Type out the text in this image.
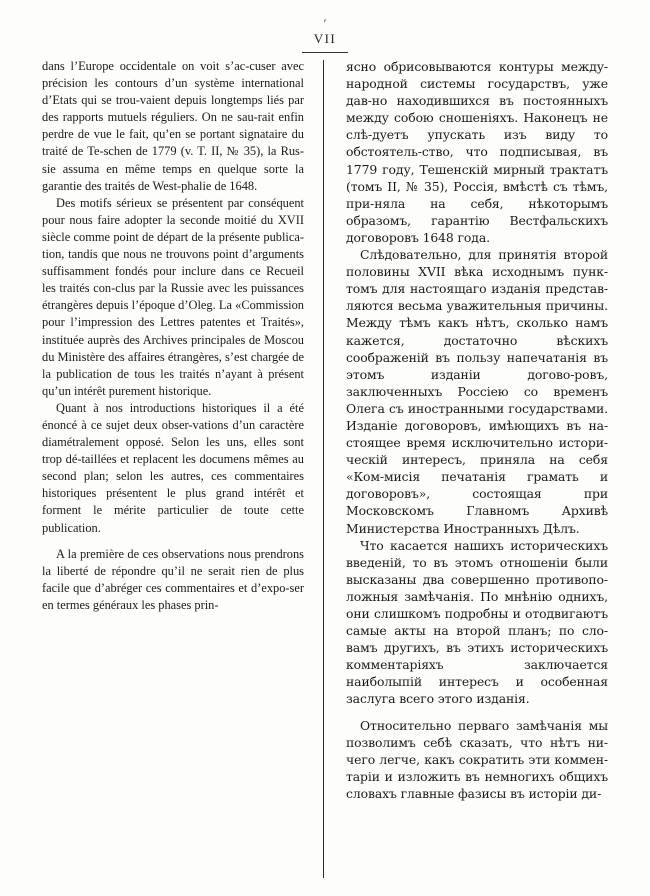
′
VII

dans l’Europe occidentale on voit s’ac-cuser avec précision les contours d’un système international d’Etats qui se trou-vaient depuis longtemps liés par des rapports mutuels réguliers. On ne sau-rait enfin perdre de vue le fait, qu’en se portant signataire du traité de Te-schen de 1779 (v. T. II, № 35), la Rus-sie assuma en même temps en quelque sorte la garantie des traités de West-phalie de 1648.

Des motifs sérieux se présentent par conséquent pour nous faire adopter la seconde moitié du XVII siècle comme point de départ de la présente publica-tion, tandis que nous ne trouvons point d’arguments suffisamment fondés pour inclure dans ce Recueil les traités con-clus par la Russie avec les puissances étrangères depuis l’époque d’Oleg. La «Commission pour l’impression des Lettres patentes et Traités», instituée auprès des Archives principales de Moscou du Ministère des affaires étrangères, s’est chargée de la publication de tous les traités n’ayant à présent qu’un intérêt purement historique.

Quant à nos introductions historiques il a été énoncé à ce sujet deux obser-vations d’un caractère diamétralement opposé. Selon les uns, elles sont trop dé-taillées et replacent les documens mêmes au second plan; selon les autres, ces commentaires historiques présentent le plus grand intérêt et forment le mérite particulier de toute cette publication.

A la première de ces observations nous prendrons la liberté de répondre qu’il ne serait rien de plus facile que d’abréger ces commentaires et d’expo-ser en termes généraux les phases prin-

ясно обрисовываются контуры между-народной системы государствъ, уже дав-но находившихся въ постоянныхъ между собою сношеніяхъ. Наконецъ не слѣ-дуетъ упускать изъ виду то обстоятель-ство, что подписывая, въ 1779 году, Тешенскій мирный трактатъ (томъ II, № 35), Россія, вмѣстѣ съ тѣмъ, при-няла на себя, нѣкоторымъ образомъ, гарантію Вестфальскихъ договоровъ 1648 года.

Слѣдовательно, для принятія второй половины XVII вѣка исходнымъ пунк-томъ для настоящаго изданія представ-ляются весьма уважительныя причины. Между тѣмъ какъ нѣтъ, сколько намъ кажется, достаточно вѣскихъ соображеній въ пользу напечатанія въ этомъ изданіи догово-ровъ, заключенныхъ Россіею со временъ Олега съ иностранными государствами. Изданіе договоровъ, имѣющихъ въ на-стоящее время исключительно истори-ческій интересъ, приняла на себя «Ком-мисія печатанія грамать и договоровъ», состоящая при Московскомъ Главномъ Архивѣ Министерства Иностранныхъ Дѣлъ.

Что касается нашихъ историческихъ введеній, то въ этомъ отношеніи были высказаны два совершенно противопо-ложныя замѣчанія. По мнѣнію однихъ, они слишкомъ подробны и отодвигаютъ самые акты на второй планъ; по сло-вамъ другихъ, въ этихъ историческихъ комментаріяхъ заключается наиболыпій интересъ и особенная заслуга всего этого изданія.

Относительно перваго замѣчанія мы позволимъ себѣ сказать, что нѣтъ ни-чего легче, какъ сократить эти коммен-таріи и изложить въ немногихъ общихъ словахъ главные фазисы въ исторіи ди-
